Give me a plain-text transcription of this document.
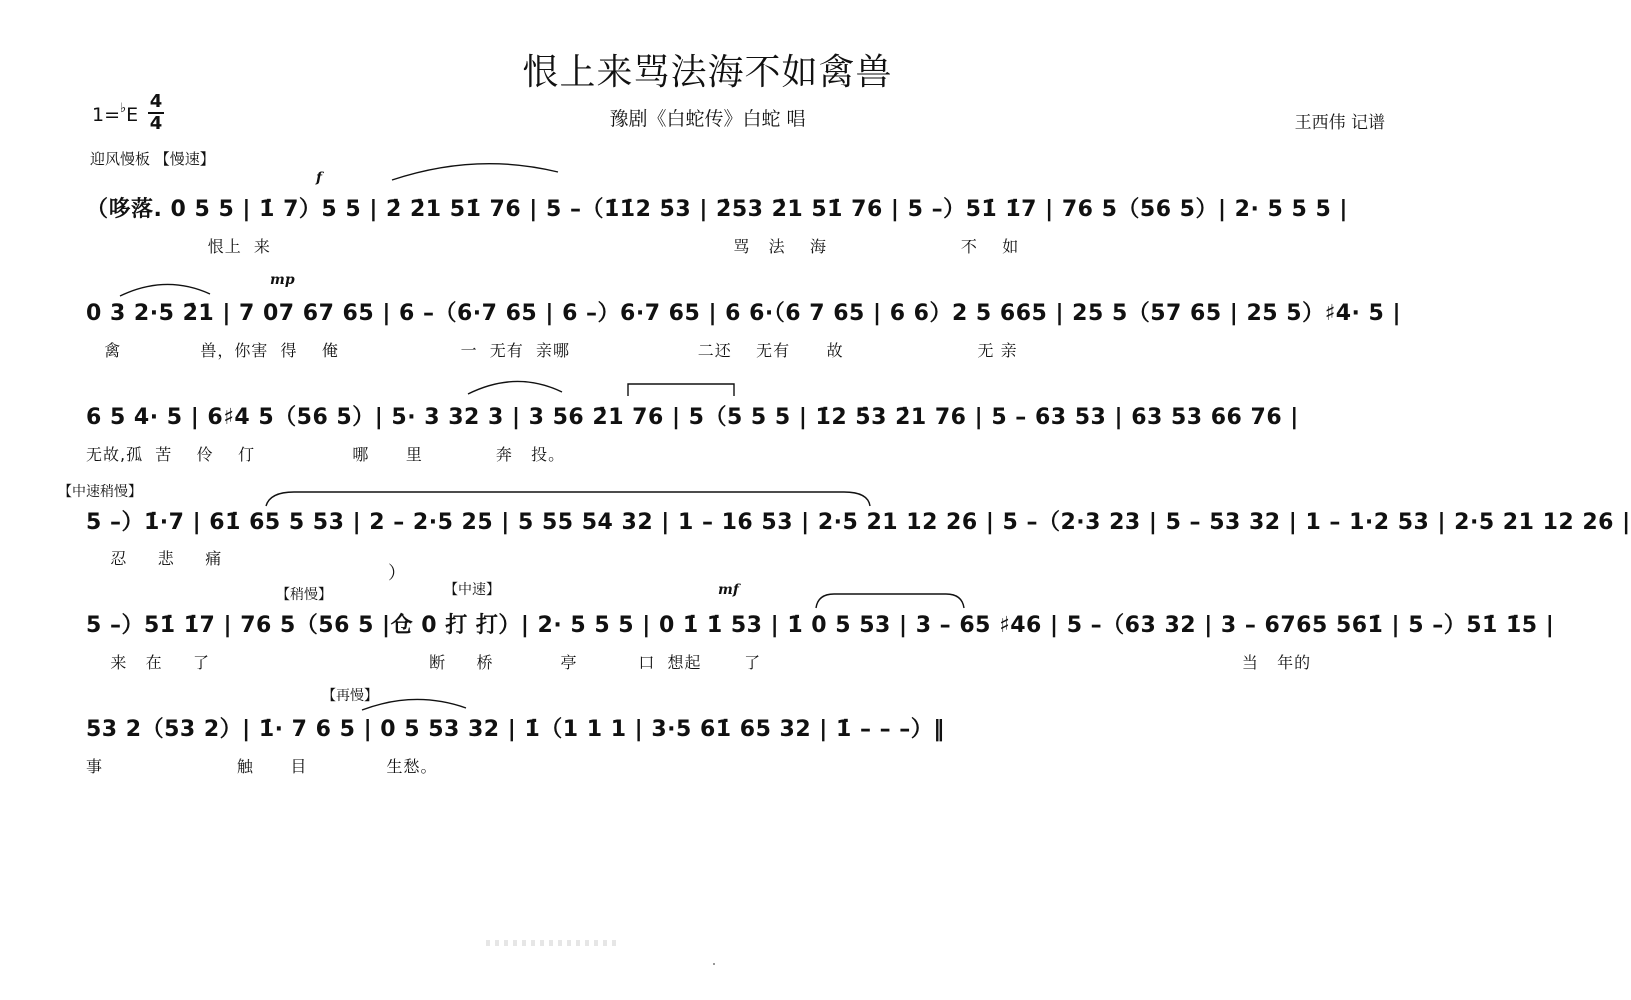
恨上来骂法海不如禽兽
豫剧《白蛇传》白蛇 唱	王西伟 记谱
$1=^♭E \frac{4}{4}$
迎风慢板 【慢速】
f
（哆落. 0 5 5 | 1̇ 7）5 5 | 2̇ 2̇1 51̇ 76 | 5 –（1̇1̇2 5̇3 | 2̇53 2̇1 51̇ 76 | 5 –）51̇ 1̇7 | 76 5（56 5）| 2· 5 5 5 |
恨上  来                                                                            骂   法    海                      不    如
mp
0 3 2·5 2̇1 | 7 07 67 65 | 6 –（6·7 65 | 6 –）6·7 65 | 6 6·（6 7 65 | 6 6）2 5 665 | 25 5（57 65 | 25 5）♯4· 5 |
禽             兽，你害  得    俺                    一  无有  亲哪                     二还    无有      故                      无 亲
6 5 4· 5 | 6♯4 5（56 5）| 5· 3 32 3 | 3 56 2̇1 76 | 5（5 5 5 | 1̇2 5̇3 2̇1 76 | 5 – 63 53 | 63 53 66 76 |
无故,孤  苦    伶    仃                哪      里            奔   投。
【中速稍慢】
5 –）1̇·7 | 61̇ 65 5 53 | 2 – 2·5 25 | 5 55 54 32 | 1 – 16 53 | 2·5 21 12 26 | 5 –（2·3 23 | 5 – 53 32 | 1 – 1·2 53 | 2·5 21 12 26 |
忍     悲     痛
）
【稍慢】	【中速】	mf
5 –）51̇ 1̇7 | 76 5（56 5 |仓 0 打 打）| 2· 5 5 5 | 0 1̇ 1̇ 53 | 1̇ 0 5 53 | 3 – 65 ♯46 | 5 –（63 32 | 3 – 6765 561̇ | 5 –）51̇ 1̇5 |
来   在     了                                    断     桥           亭          口  想起       了                                                                               当   年的
【再慢】
53 2（53 2）| 1̇· 7 6 5 | 0 5 53 32 | 1̇（1 1 1 | 3·5 61̇ 65 32 | 1̇ – – –）‖
事                      触      目             生愁。
